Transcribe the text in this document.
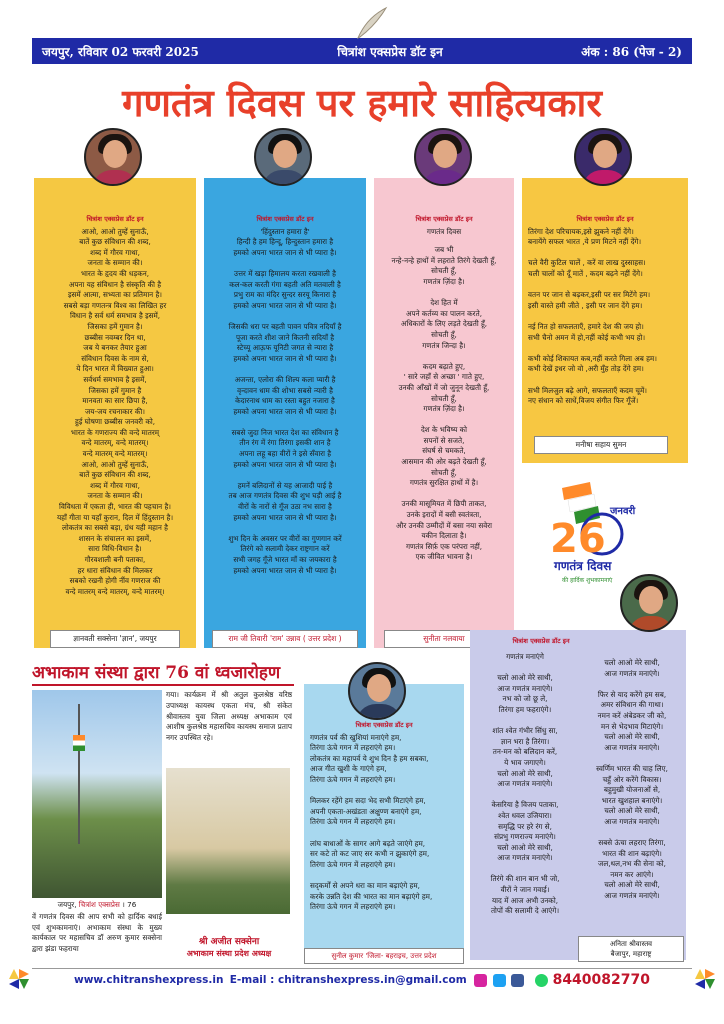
जयपुर, रविवार 02 फरवरी 2025	चित्रांश एक्सप्रेस डॉट इन	अंक : 86 (पेज - 2)
गणतंत्र दिवस पर हमारे साहित्यकार
चित्रांश एक्सप्रेस डॉट इन
आओ, आओ तुम्हें सुनाऊँ,
बातें कुछ संविधान की शब्द,
शब्द में गौरव गाथा,
जनता के सम्मान की।
भारत के हृदय की धड़कन,
अपना यह संविधान है संस्कृति की है
इसमें आत्मा, सभ्यता का प्रतिमान है।
सबसे बड़ा गणतन्त्र विश्व का लिखित हर
विधान है सर्व धर्म समभाव है इसमें,
जिसका हमें गुमान है।
छब्बीस नवम्बर दिन था,
जब ये बनकर तैयार हुआ
संविधान दिवस के नाम से,
ये दिन भारत में विख्यात हुआ।
सर्वधर्म समभाव है इसमें,
जिसका हमें गुमान है
मानवता का सार छिपा है,
जय-जय रचनाकार की।
हुई घोषणा छब्बीस जनवरी को,
भारत के गणराज्य की वन्दे मातरम्
वन्दे मातरम्, वन्दे मातरम्।
वन्दे मातरम् वन्दे मातरम्।
आओ, आओ तुम्हें सुनाऊँ,
बातें कुछ संविधान की शब्द,
शब्द में गौरव गाथा,
जनता के सम्मान की।
विविधता में एकता ही, भारत की पहचान है।
यहाँ गीता या यहाँ कुरान, दिल में हिंदुस्तान है।
लोकतंत्र का सबसे बड़ा, ग्रंथ यही महान है
शासन के संचालन का इसमें,
सारा विधि-विधान है।
गौरवशाली बनी पताका,
हर धारा संविधान की मिलकर
सबको रखनी होगी नींव गणराज की
वन्दे मातरम् वन्दे मातरम्, वन्दे मातरम्।
ज्ञानवती सक्सेना 'ज्ञान', जयपुर
चित्रांश एक्सप्रेस डॉट इन
'हिंदुस्तान हमारा है'
हिन्दी है हम हिन्दू, हिन्दुस्तान हमारा है
हमको अपना भारत जान से भी प्यारा है।

उत्तर में खड़ा हिमालय करता रखवाली है
कल-कल करती गंगा बहती अति मतवाली है
प्रभु राम का मंदिर सुन्दर सरयू किनारा है
हमको अपना भारत जान से भी प्यारा है।

जिसकी धरा पर बहती पावन पवित्र नदियाँ है
पूजा करते शीश जाने कितनी सदियाँ है
स्टेच्यू आऊ़फ यूनिटी जगत से न्यारा है
हमको अपना भारत जान से भी प्यारा है।

अजन्ता, एलोरा की शिल्प कला प्यारी है
वृन्दावन धाम की शोभा सबसे न्यारी है
केदारनाथ धाम का रस्ता बहुत नजारा है
हमको अपना भारत जान से भी प्यारा है।

सबसे जुदा निज भारत देश का संविधान है
तीन रंग में रंगा तिरंगा इसकी शान है
अपना लहू बहा वीरों ने इसे सँवारा है
हमको अपना भारत जान से भी प्यारा है।

हमनें बलिदानों से यह आजादी पाई है
तब आज गणतंत्र दिवस की शुभ घड़ी आई है
वीरों के नारों से गूँज उठा नभ सारा है
हमको अपना भारत जान से भी प्यारा है।

शुभ दिन के अवसर पर वीरों का गुणगान करें
तिरंगे को सलामी देकर राष्ट्रगान करें
सभी जगह गूँजे भारत माँ का जयकारा है
हमको अपना भारत जान से भी प्यारा है।
राम जी तिवारी 'राम' उन्नाव ( उत्तर प्रदेश )
चित्रांश एक्सप्रेस डॉट इन
गणतंत्र दिवस
जब भी
नन्हे-नन्हे हाथों में लहराते तिरंगे देखती हूँ,
सोचती हूँ,
गणतंत्र ज़िंदा है।

देश हित में
अपने कर्तव्य का पालन करते,
अधिकारों के लिए लड़ते देखती हूँ,
सोचती हूँ,
गणतंत्र जिन्दा है।

कदम बढ़ाते हुए,
' सारे जहाँ से अच्छा ' गाते हुए,
उनकी आँखों में जो जुनून देखती हूँ,
सोचती हूँ,
गणतंत्र ज़िंदा है।

देश के भविष्य को
सपनों से सजते,
संघर्ष से चमकते,
आसमान की ओर बढ़ते देखती हूँ,
सोचती हूँ,
गणतंत्र सुरक्षित हाथों में है।

उनकी मासूमियत में छिपी ताकत,
उनके इरादों में बसी स्वतंत्रता,
और उनकी उम्मीदों में बसा नया सवेरा
यकीन दिलाता है।
गणतंत्र सिर्फ़ एक परंपरा नहीं,
एक जीवित भावना है।
सुनीता नलवाया
चित्रांश एक्सप्रेस डॉट इन
तिरंगा देश परिचायक,इसे झुकने नहीं देंगे।
बनायेंगे सफल भारत ,ये प्रण मिटने नहीं देंगे।

चले वैरी कुटिल चालें , करें वा लाख दुस्साहस।
चली चालों को दूँ मातें , कदम बढ़ने नहीं देंगे।

वतन पर जान से बढ़कर,इसी पर सर मिटेंगे हम।
इसी वास्ते हमी जीते , इसी पर जान देंगे हम।

नई नित हो सफलताएँ, हमारे देश की जय हो।
सभी चैनो अमन में हो,नहीं कोई कभी भय हो।

कभी कोई शिकायत कब,नहीं करते गिला अब हम।
कभी देखें इधर जो वो ,अरी मुँह तोड़ देंगे हम।

सभी मिलजुल बढ़े आगे, सफलताएँ कदम चूमें।
नए संधान को साधें,विजय संगीत फिर गूँजें।
मनीषा सहाय सुमन
26
जनवरी
गणतंत्र दिवस
की हार्दिक शुभकामनाएं
अभाकाम संस्था द्वारा 76 वां ध्वजारोहण
गया। कार्यक्रम में श्री अतुल कुलश्रेष्ठ वरिष्ठ उपाध्यक्ष कायस्थ एकता मंच, श्री संकेत श्रीवास्तव युवा जिला अध्यक्ष अभाकाम एवं आशीष कुलश्रेष्ठ महासचिव कायस्थ समाज प्रताप नगर उपस्थित रहे।
जयपुर, चित्रांश एक्सप्रेस । 76
वें गणतंत्र दिवस की आप सभी को हार्दिक बधाई एवं शुभकामनाएं। अभाकाम संस्था के मुख्य कार्यकाल पर महासचिव डॉ अरुण कुमार सक्सेना द्वारा झंडा फहराया
श्री अजीत सक्सेना
अभाकाम संस्था प्रदेश अध्यक्ष
चित्रांश एक्सप्रेस डॉट इन
गणतंत्र पर्व की खुशियां मनाएंगे हम,
तिरंगा ऊंचे गगन में लहराएंगे हम।
लोकतंत्र का महापर्व ये शुभ दिन है हम सबका,
आज गीत खुशी के गाएंगे हम,
तिरंगा ऊंचे गगन में लहराएंगे हम।

मिलकर रहेंगे हम सदा भेद सभी मिटाएंगे हम,
अपनी एकता-अखंडता अक्षुण्ण बनाएंगे हम,
तिरंगा ऊंचे गगन में लहराएंगे हम।

लांघ बाधाओं के सागर आगे बढ़ते जाएंगे हम,
सर कटे तो कट जाए सर कभी न झुकाएंगे हम,
तिरंगा ऊंचे गगन में लहराएंगे हम।

सद्‌कर्मों से अपने धरा का मान बढ़ाएंगे हम,
करके उन्नति देश की भारत का मान बढ़ाएंगे हम,
तिरंगा ऊंचे गगन में लहराएंगे हम।
सुनील कुमार 'जिला- बहराइच, उत्तर प्रदेश
चित्रांश एक्सप्रेस डॉट इन
गणतंत्र मनाएंगे

चलो आओ मेरे साथी,
आज गणतंत्र मनाएंगे।
नभ को जो छू ले,
तिरंगा हम फहराएंगे।

शांत श्वेत गंभीर सिंधु सा,
ज्ञान भरा है तिरंगा।
तन-मन को बलिदान करें,
ये भाव जगाएगे।
चलो आओ मेरे साथी,
आज गणतंत्र मनाएंगे।

केसरिया है विजय पताका,
श्वेत धवल उजियारा।
समृद्धि पर हरे रंग से,
संप्रभु गणराज्य मनाएंगे।
चलो आओ मेरे साथी,
आज गणतंत्र मनाएंगे।

तिरंगे की शान बान भी जो,
वीरों ने जान गवाई।
याद में आज अभी उनको,
तोपों की सलामी दे आएंगे।
चलो आओ मेरे साथी,
आज गणतंत्र मनाएंगे।

फिर से याद करेंगे हम सब,
अमर संविधान की गाथा।
नमन करें अंबेडकर जी को,
मन से भेदभाव मिटाएंगे।
चलो आओ मेरे साथी,
आज गणतंत्र मनाएंगे।

स्वर्णिम भारत की चाह लिए,
चहुँ ओर करेंगे विकास।
बहुमुखी योजनाओं से,
भारत खुशहाल बनाएंगे।
चलो आओ मेरे साथी,
आज गणतंत्र मनाएंगे।

सबसे ऊंचा लहराए तिरंगा,
भारत की शान बढ़ाएंगे।
जल,थल,नभ की सेना को,
नमन कर आएंगे।
चलो आओ मेरे साथी,
आज गणतंत्र मनाएंगे।
अनिता श्रीवास्तव
बैजापुर, महाराष्ट्र
www.chitranshexpress.in E-mail : chitranshexpress.in@gmail.com	8440082770
